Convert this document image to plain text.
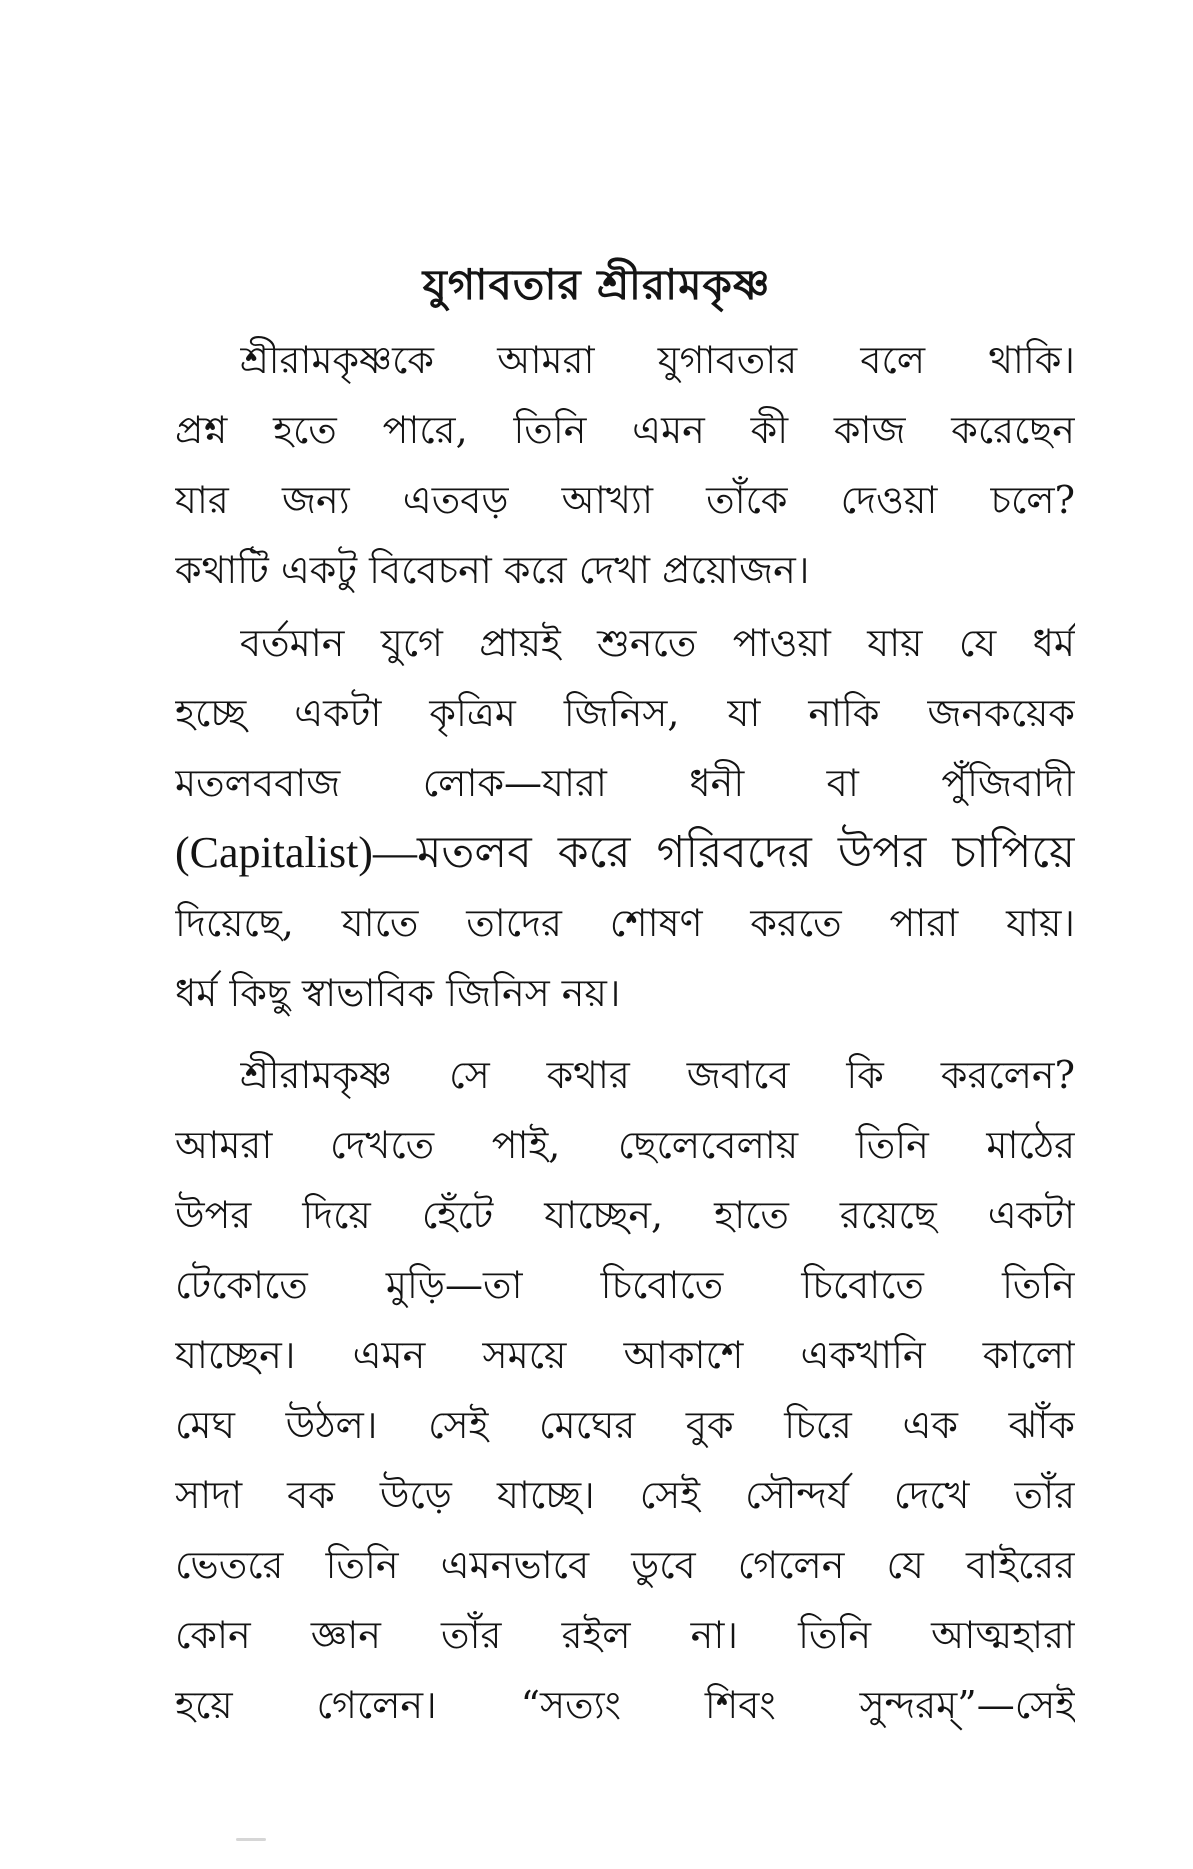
যুগাবতার শ্রীরামকৃষ্ণ
শ্রীরামকৃষ্ণকে আমরা যুগাবতার বলে থাকি।
প্রশ্ন হতে পারে, তিনি এমন কী কাজ করেছেন
যার জন্য এতবড় আখ্যা তাঁকে দেওয়া চলে?
কথাটি একটু বিবেচনা করে দেখা প্রয়োজন।
বর্তমান যুগে প্রায়ই শুনতে পাওয়া যায় যে ধর্ম
হচ্ছে একটা কৃত্রিম জিনিস, যা নাকি জনকয়েক
মতলববাজ লোক—যারা ধনী বা পুঁজিবাদী
(Capitalist)—মতলব করে গরিবদের উপর চাপিয়ে
দিয়েছে, যাতে তাদের শোষণ করতে পারা যায়।
ধর্ম কিছু স্বাভাবিক জিনিস নয়।
শ্রীরামকৃষ্ণ সে কথার জবাবে কি করলেন?
আমরা দেখতে পাই, ছেলেবেলায় তিনি মাঠের
উপর দিয়ে হেঁটে যাচ্ছেন, হাতে রয়েছে একটা
টেকোতে মুড়ি—তা চিবোতে চিবোতে তিনি
যাচ্ছেন। এমন সময়ে আকাশে একখানি কালো
মেঘ উঠল। সেই মেঘের বুক চিরে এক ঝাঁক
সাদা বক উড়ে যাচ্ছে। সেই সৌন্দর্য দেখে তাঁর
ভেতরে তিনি এমনভাবে ডুবে গেলেন যে বাইরের
কোন জ্ঞান তাঁর রইল না। তিনি আত্মহারা
হয়ে গেলেন। “সত্যং শিবং সুন্দরম্”—সেই
